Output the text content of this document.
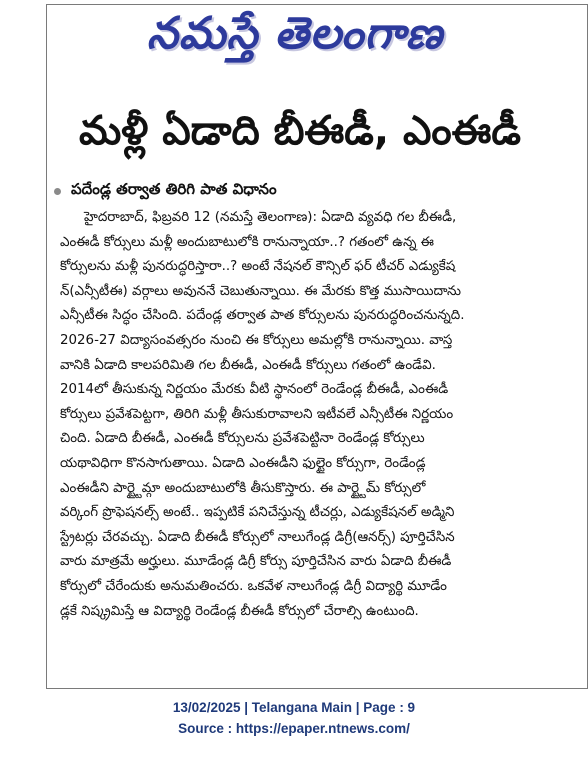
నమస్తే తెలంగాణ
మళ్లీ ఏడాది బీఈడీ, ఎంఈడీ
పదేండ్ల తర్వాత తిరిగి పాత విధానం
హైదరాబాద్, ఫిబ్రవరి 12 (నమస్తే తెలంగాణ): ఏడాది వ్యవధి గల బీఈడీ,
ఎంఈడీ కోర్సులు మళ్లీ అందుబాటులోకి రానున్నాయా..? గతంలో ఉన్న ఈ
కోర్సులను మళ్లీ పునరుద్ధరిస్తారా..? అంటే నేషనల్ కౌన్సిల్ ఫర్ టీచర్ ఎడ్యుకేష
న్(ఎన్సీటీఈ) వర్గాలు అవుననే చెబుతున్నాయి. ఈ మేరకు కొత్త ముసాయిదాను
ఎన్సీటీఈ సిద్ధం చేసింది. పదేండ్ల తర్వాత పాత కోర్సులను పునరుద్ధరించనున్నది.
2026-27 విద్యాసంవత్సరం నుంచి ఈ కోర్సులు అమల్లోకి రానున్నాయి. వాస్త
వానికి ఏడాది కాలపరిమితి గల బీఈడీ, ఎంఈడీ కోర్సులు గతంలో ఉండేవి.
2014లో తీసుకున్న నిర్ణయం మేరకు వీటి స్థానంలో రెండేండ్ల బీఈడీ, ఎంఈడీ
కోర్సులు ప్రవేశపెట్టగా, తిరిగి మళ్లీ తీసుకురావాలని ఇటీవలే ఎన్సీటీఈ నిర్ణయం
చింది. ఏడాది బీఈడీ, ఎంఈడీ కోర్సులను ప్రవేశపెట్టినా రెండేండ్ల కోర్సులు
యథావిధిగా కొనసాగుతాయి. ఏడాది ఎంఈడీని ఫుల్టైం కోర్సుగా, రెండేండ్ల
ఎంఈడీని పార్ట్టైమ్గా అందుబాటులోకి తీసుకొస్తారు. ఈ పార్ట్టైమ్ కోర్సులో
వర్కింగ్ ప్రొఫెషనల్స్ అంటే.. ఇప్పటికే పనిచేస్తున్న టీచర్లు, ఎడ్యుకేషనల్ అడ్మిని
స్ట్రేటర్లు చేరవచ్చు. ఏడాది బీఈడీ కోర్సులో నాలుగేండ్ల డిగ్రీ(ఆనర్స్) పూర్తిచేసిన
వారు మాత్రమే అర్హులు. మూడేండ్ల డిగ్రీ కోర్సు పూర్తిచేసిన వారు ఏడాది బీఈడీ
కోర్సులో చేరేందుకు అనుమతించరు. ఒకవేళ నాలుగేండ్ల డిగ్రీ విద్యార్థి మూడేం
డ్లకే నిష్క్రమిస్తే ఆ విద్యార్థి రెండేండ్ల బీఈడీ కోర్సులో చేరాల్సి ఉంటుంది.
13/02/2025 | Telangana Main | Page : 9
Source : https://epaper.ntnews.com/
